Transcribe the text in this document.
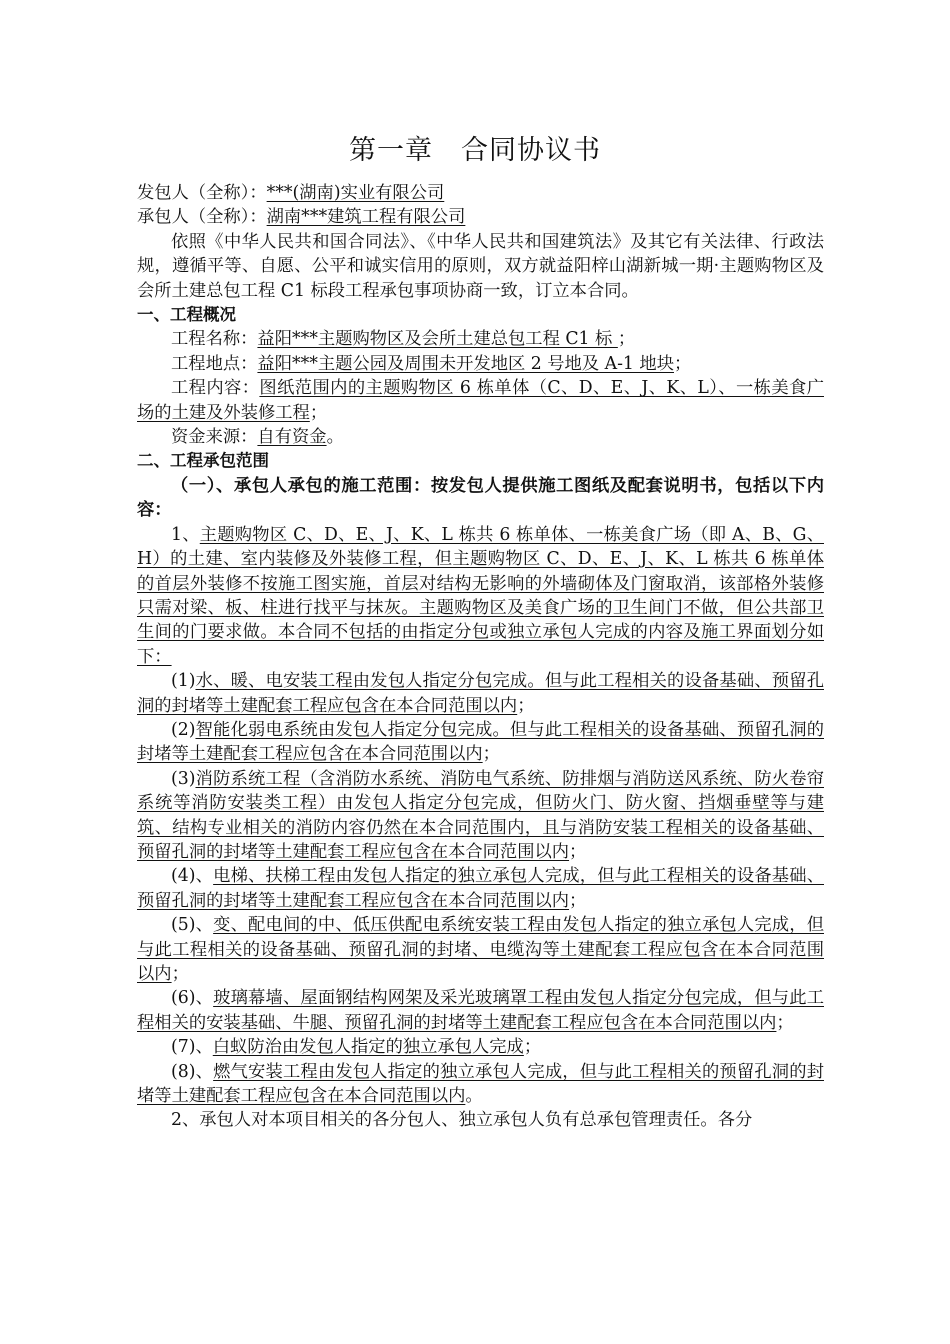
第一章　合同协议书

发包人（全称）：***(湖南)实业有限公司

承包人（全称）：湖南***建筑工程有限公司

依照《中华人民共和国合同法》、《中华人民共和国建筑法》及其它有关法律、行政法规，遵循平等、自愿、公平和诚实信用的原则，双方就益阳梓山湖新城一期·主题购物区及会所土建总包工程 C1 标段工程承包事项协商一致，订立本合同。

一、工程概况

工程名称：益阳***主题购物区及会所土建总包工程 C1 标 ；

工程地点：益阳***主题公园及周围未开发地区 2 号地及 A-1 地块；

工程内容：图纸范围内的主题购物区 6 栋单体（C、D、E、J、K、L）、一栋美食广场的土建及外装修工程；

资金来源：自有资金。

二、工程承包范围

（一）、承包人承包的施工范围：按发包人提供施工图纸及配套说明书，包括以下内容：

1、主题购物区 C、D、E、J、K、L 栋共 6 栋单体、一栋美食广场（即 A、B、G、H）的土建、室内装修及外装修工程，但主题购物区 C、D、E、J、K、L 栋共 6 栋单体的首层外装修不按施工图实施，首层对结构无影响的外墙砌体及门窗取消，该部格外装修只需对梁、板、柱进行找平与抹灰。主题购物区及美食广场的卫生间门不做，但公共部卫生间的门要求做。本合同不包括的由指定分包或独立承包人完成的内容及施工界面划分如下：

(1)水、暖、电安装工程由发包人指定分包完成。但与此工程相关的设备基础、预留孔洞的封堵等土建配套工程应包含在本合同范围以内；

(2)智能化弱电系统由发包人指定分包完成。但与此工程相关的设备基础、预留孔洞的封堵等土建配套工程应包含在本合同范围以内；

(3)消防系统工程（含消防水系统、消防电气系统、防排烟与消防送风系统、防火卷帘系统等消防安装类工程）由发包人指定分包完成，但防火门、防火窗、挡烟垂壁等与建筑、结构专业相关的消防内容仍然在本合同范围内，且与消防安装工程相关的设备基础、预留孔洞的封堵等土建配套工程应包含在本合同范围以内；

(4)、电梯、扶梯工程由发包人指定的独立承包人完成，但与此工程相关的设备基础、预留孔洞的封堵等土建配套工程应包含在本合同范围以内；

(5)、变、配电间的中、低压供配电系统安装工程由发包人指定的独立承包人完成，但与此工程相关的设备基础、预留孔洞的封堵、电缆沟等土建配套工程应包含在本合同范围以内；

(6)、玻璃幕墙、屋面钢结构网架及采光玻璃罩工程由发包人指定分包完成，但与此工程相关的安装基础、牛腿、预留孔洞的封堵等土建配套工程应包含在本合同范围以内；

(7)、白蚁防治由发包人指定的独立承包人完成；

(8)、燃气安装工程由发包人指定的独立承包人完成，但与此工程相关的预留孔洞的封堵等土建配套工程应包含在本合同范围以内。

2、承包人对本项目相关的各分包人、独立承包人负有总承包管理责任。各分
